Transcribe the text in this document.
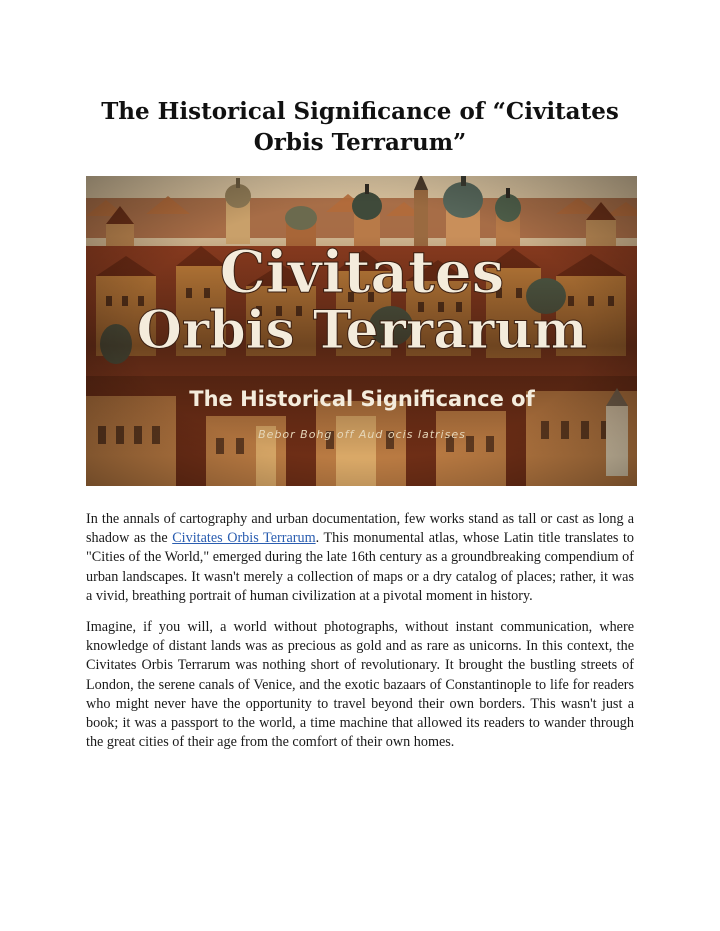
The Historical Significance of “Civitates Orbis Terrarum”
Civitates
Orbis Terrarum
The Historical Significance of
Bebor Bohg off Aud ocis latrises

In the annals of cartography and urban documentation, few works stand as tall or cast as long a shadow as the Civitates Orbis Terrarum. This monumental atlas, whose Latin title translates to "Cities of the World," emerged during the late 16th century as a groundbreaking compendium of urban landscapes. It wasn't merely a collection of maps or a dry catalog of places; rather, it was a vivid, breathing portrait of human civilization at a pivotal moment in history.

Imagine, if you will, a world without photographs, without instant communication, where knowledge of distant lands was as precious as gold and as rare as unicorns. In this context, the Civitates Orbis Terrarum was nothing short of revolutionary. It brought the bustling streets of London, the serene canals of Venice, and the exotic bazaars of Constantinople to life for readers who might never have the opportunity to travel beyond their own borders. This wasn't just a book; it was a passport to the world, a time machine that allowed its readers to wander through the great cities of their age from the comfort of their own homes.
